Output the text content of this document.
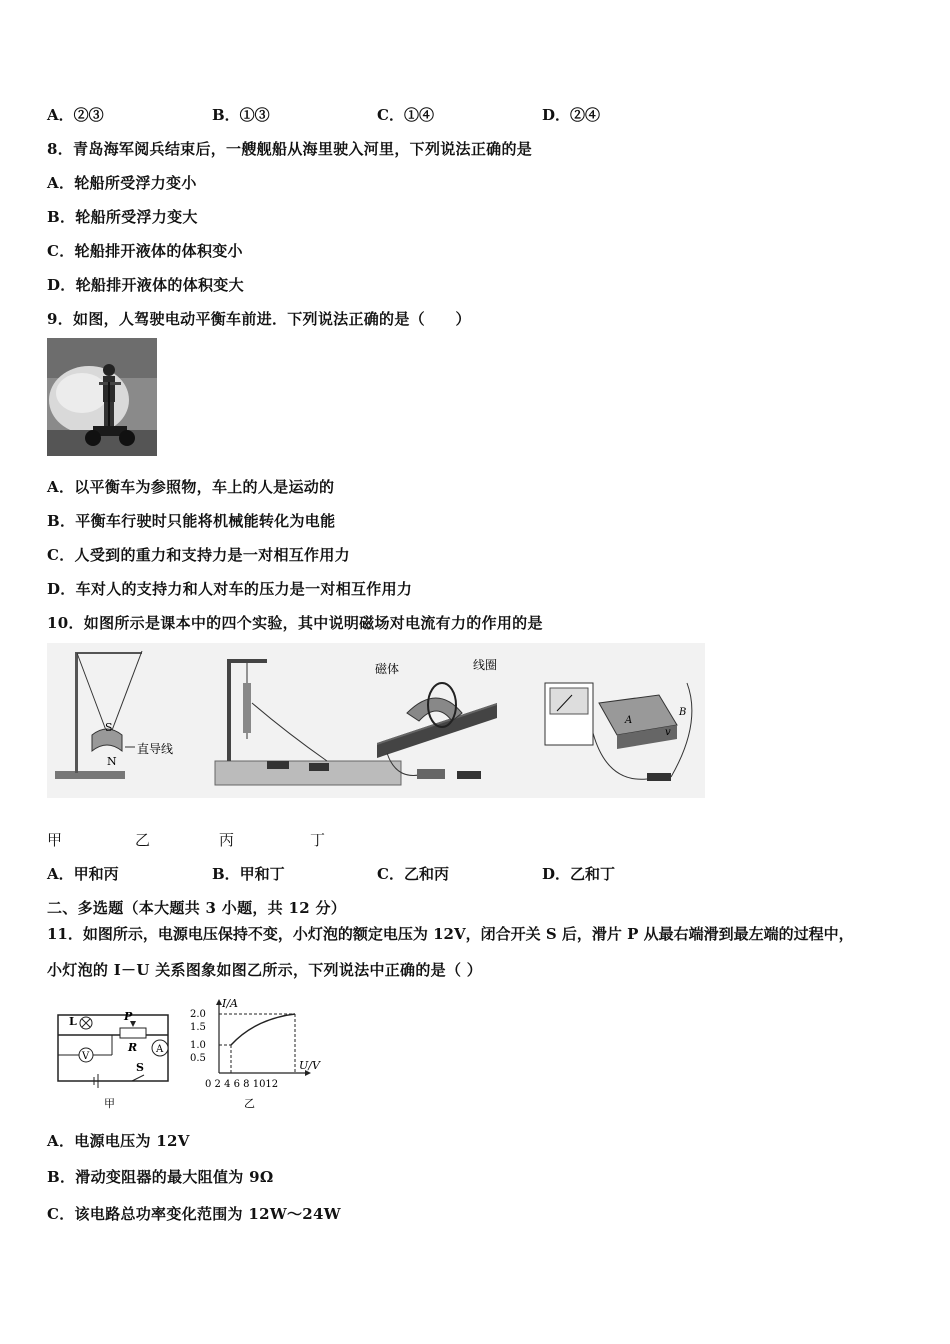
A．②③	B．①③	C．①④	D．②④
8．青岛海军阅兵结束后，一艘舰船从海里驶入河里，下列说法正确的是
A．轮船所受浮力变小
B．轮船所受浮力变大
C．轮船排开液体的体积变小
D．轮船排开液体的体积变大
9．如图，人驾驶电动平衡车前进．下列说法正确的是（　　）
A．以平衡车为参照物，车上的人是运动的
B．平衡车行驶时只能将机械能转化为电能
C．人受到的重力和支持力是一对相互作用力
D．车对人的支持力和人对车的压力是一对相互作用力
10．如图所示是课本中的四个实验，其中说明磁场对电流有力的作用的是
S
N
直导线
磁体	线圈
B
A
v
甲	乙	丙	丁
A．甲和丙	B．甲和丁	C．乙和丙	D．乙和丁
二、多选题（本大题共 3 小题，共 12 分）
11．如图所示，电源电压保持不变，小灯泡的额定电压为 12V，闭合开关 S 后，滑片 P 从最右端滑到最左端的过程中，
小灯泡的 I－U 关系图象如图乙所示，下列说法中正确的是（ ）
L	P
R
V
A
S
甲
I/A
U/V
2.0
1.5
1.0
0.5
0 2 4 6 8 1012
乙
A．电源电压为 12V
B．滑动变阻器的最大阻值为 9Ω
C．该电路总功率变化范围为 12W～24W
